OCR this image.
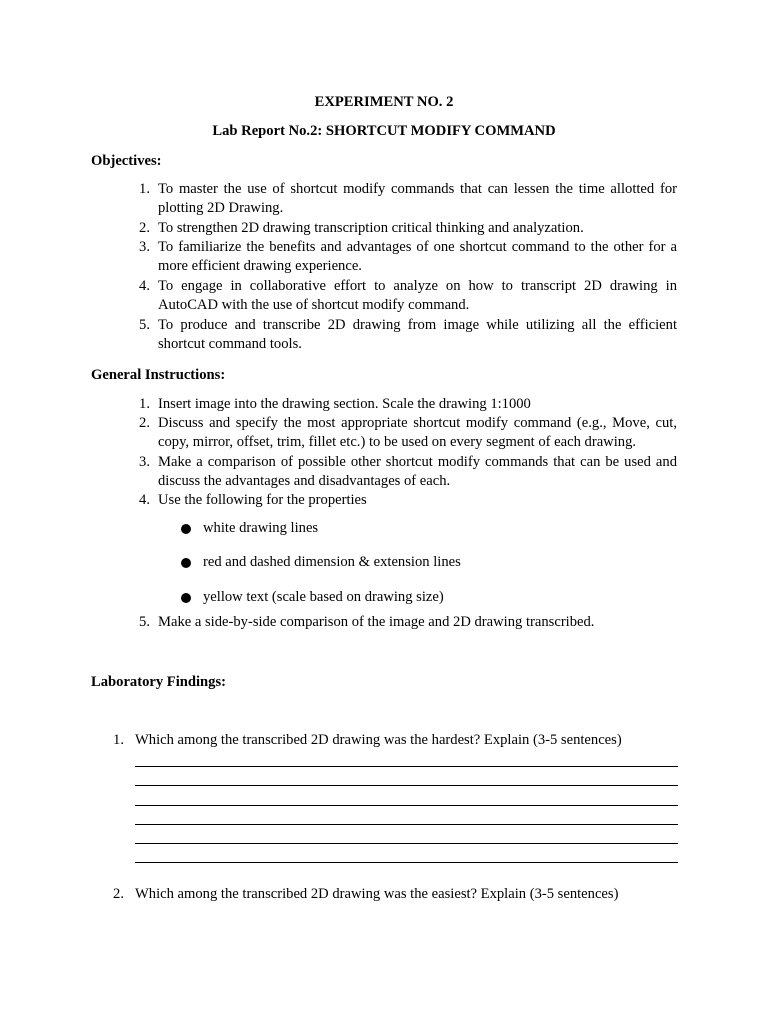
EXPERIMENT NO. 2
Lab Report No.2: SHORTCUT MODIFY COMMAND
Objectives:
1. To master the use of shortcut modify commands that can lessen the time allotted for plotting 2D Drawing.
2. To strengthen 2D drawing transcription critical thinking and analyzation.
3. To familiarize the benefits and advantages of one shortcut command to the other for a more efficient drawing experience.
4. To engage in collaborative effort to analyze on how to transcript 2D drawing in AutoCAD with the use of shortcut modify command.
5. To produce and transcribe 2D drawing from image while utilizing all the efficient shortcut command tools.
General Instructions:
1. Insert image into the drawing section. Scale the drawing 1:1000
2. Discuss and specify the most appropriate shortcut modify command (e.g., Move, cut, copy, mirror, offset, trim, fillet etc.) to be used on every segment of each drawing.
3. Make a comparison of possible other shortcut modify commands that can be used and discuss the advantages and disadvantages of each.
4. Use the following for the properties
white drawing lines
red and dashed dimension & extension lines
yellow text (scale based on drawing size)
5. Make a side-by-side comparison of the image and 2D drawing transcribed.
Laboratory Findings:
1. Which among the transcribed 2D drawing was the hardest? Explain (3-5 sentences)
2. Which among the transcribed 2D drawing was the easiest? Explain (3-5 sentences)
